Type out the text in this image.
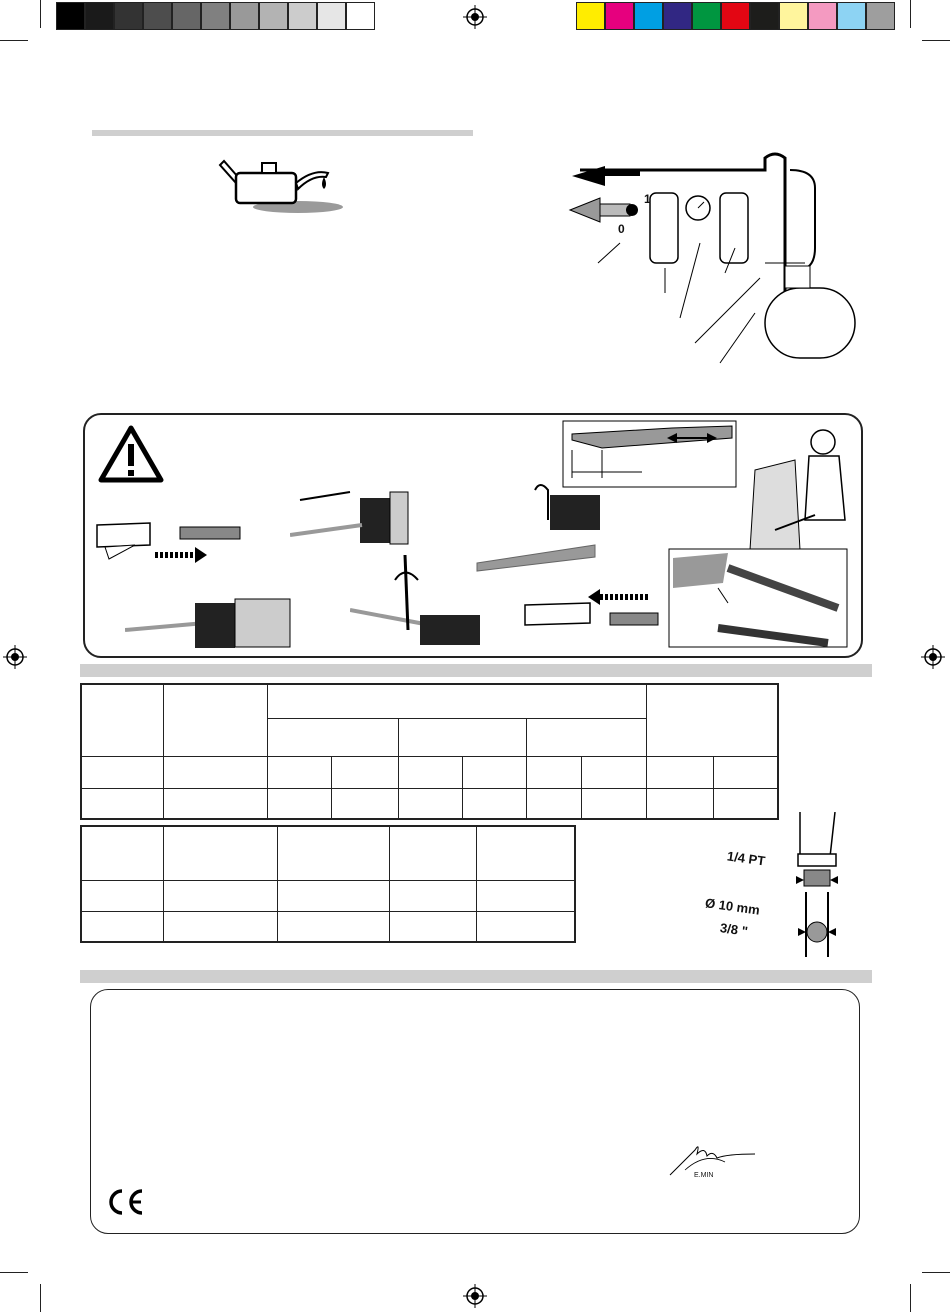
1
0

1/4 PT
Ø 10 mm
3/8 "
E.MIN
